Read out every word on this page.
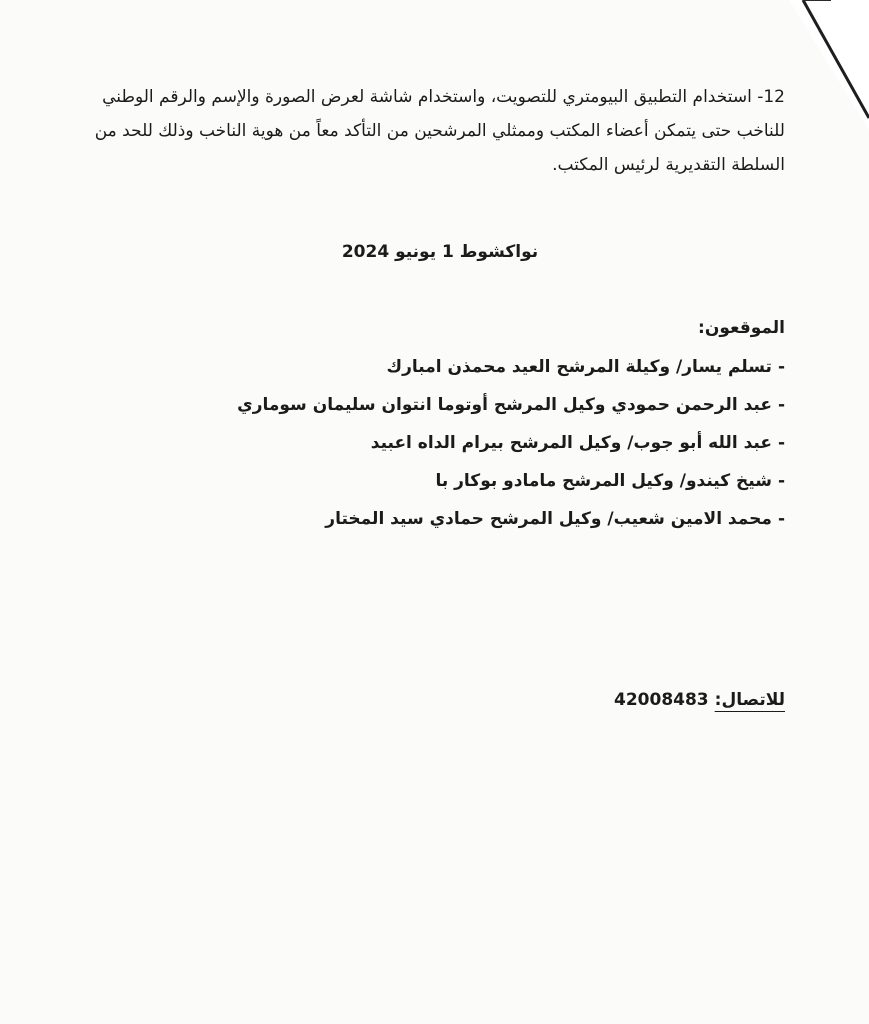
12- استخدام التطبيق البيومتري للتصويت، واستخدام شاشة لعرض الصورة والإسم والرقم الوطني للناخب حتى يتمكن أعضاء المكتب وممثلي المرشحين من التأكد معاً من هوية الناخب وذلك للحد من السلطة التقديرية لرئيس المكتب.
نواكشوط 1 يونيو 2024
الموقعون:
-تسلم يسار/ وكيلة المرشح العيد محمذن امبارك
-عبد الرحمن حمودي وكيل المرشح أوتوما انتوان سليمان سوماري
-عبد الله أبو جوب/ وكيل المرشح بيرام الداه اعبيد
-شيخ كيندو/ وكيل المرشح مامادو بوكار با
-محمد الامين شعيب/ وكيل المرشح حمادي سيد المختار
للاتصال:42008483
